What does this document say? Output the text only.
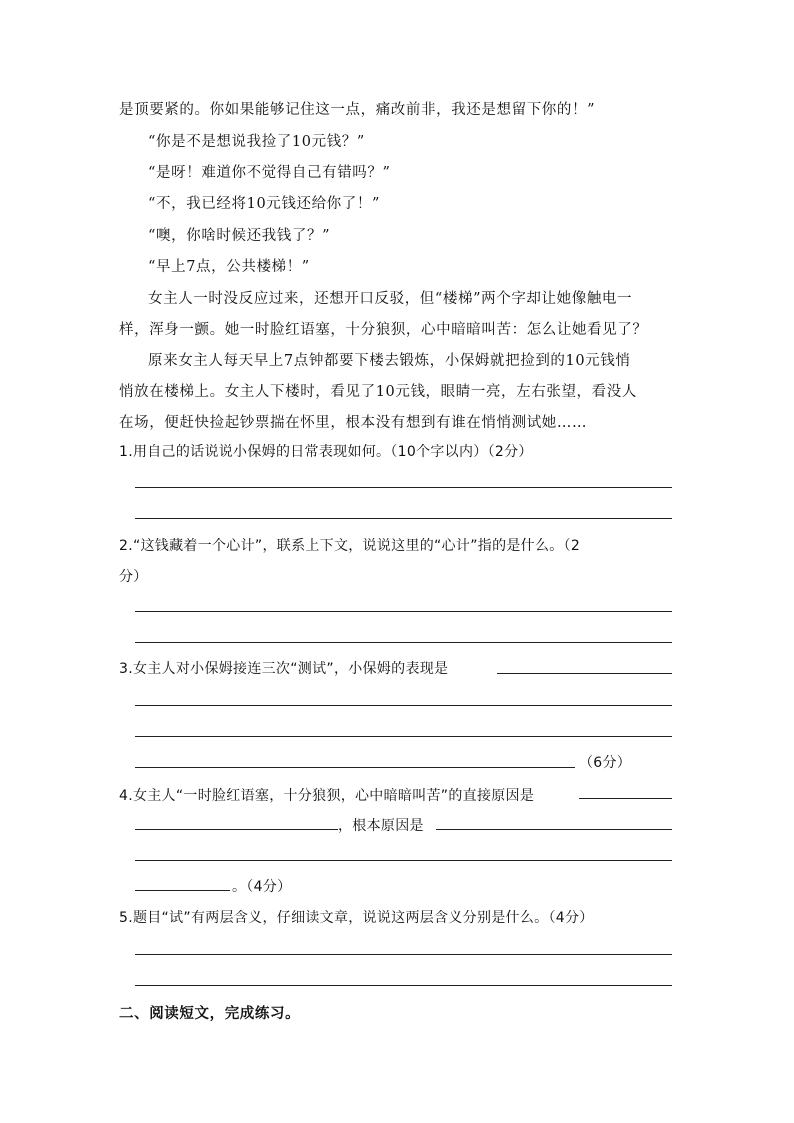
是顶要紧的。你如果能够记住这一点，痛改前非，我还是想留下你的！”
“你是不是想说我捡了10元钱？”
“是呀！难道你不觉得自己有错吗？”
“不，我已经将10元钱还给你了！”
“噢，你啥时候还我钱了？”
“早上7点，公共楼梯！”
女主人一时没反应过来，还想开口反驳，但“楼梯”两个字却让她像触电一
样，浑身一颤。她一时脸红语塞，十分狼狈，心中暗暗叫苦：怎么让她看见了？
原来女主人每天早上7点钟都要下楼去锻炼，小保姆就把捡到的10元钱悄
悄放在楼梯上。女主人下楼时，看见了10元钱，眼睛一亮，左右张望，看没人
在场，便赶快捡起钞票揣在怀里，根本没有想到有谁在悄悄测试她……
1.用自己的话说说小保姆的日常表现如何。（10个字以内）（2分）
2.“这钱藏着一个心计”，联系上下文，说说这里的“心计”指的是什么。（2
分）
3.女主人对小保姆接连三次“测试”，小保姆的表现是
（6分）
4.女主人“一时脸红语塞，十分狼狈，心中暗暗叫苦”的直接原因是
，根本原因是
。（4分）
5.题目“试”有两层含义，仔细读文章，说说这两层含义分别是什么。（4分）
二、阅读短文，完成练习。
